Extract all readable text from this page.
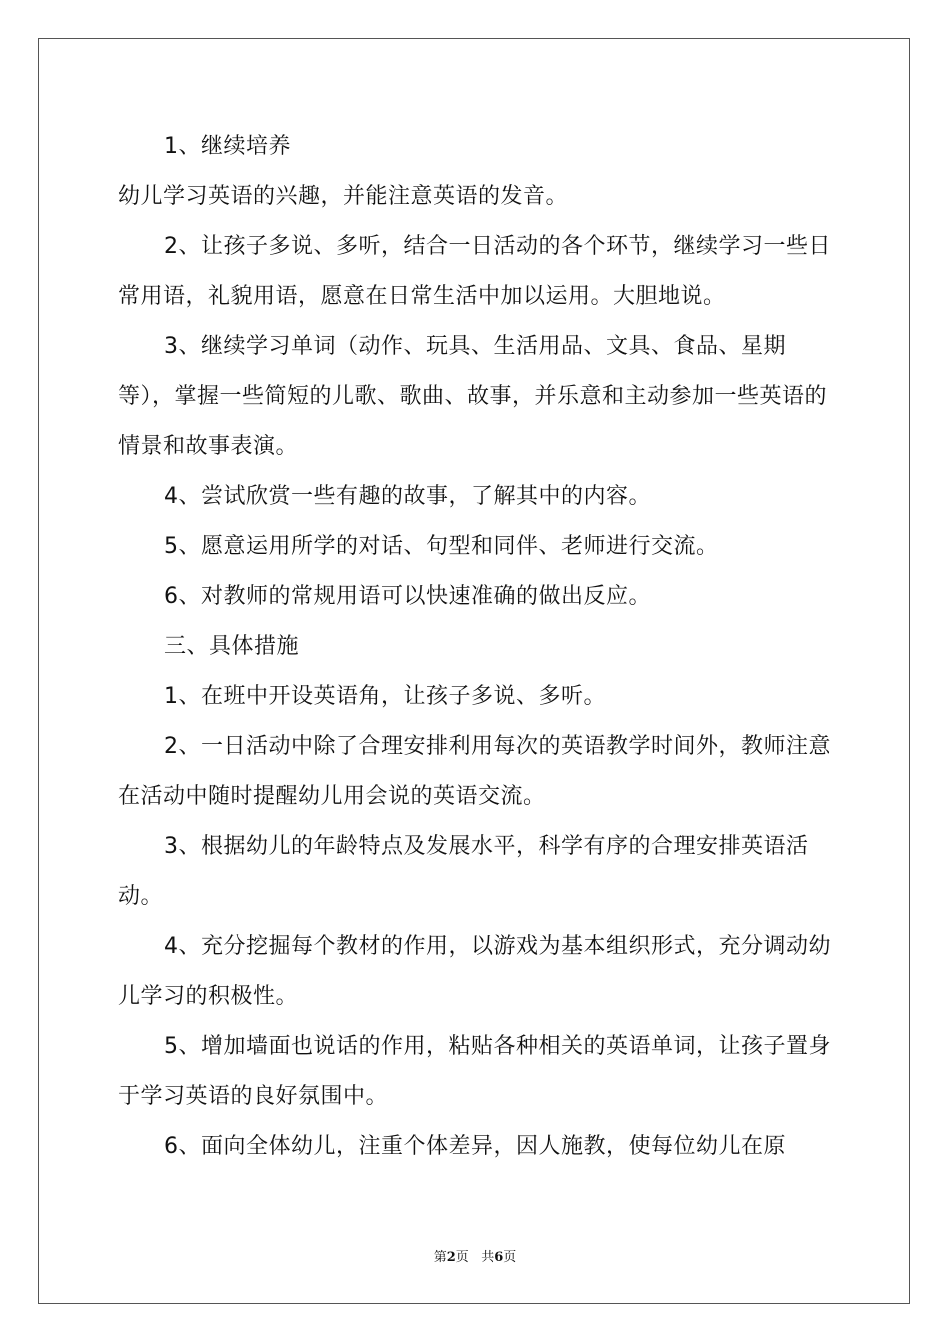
1、继续培养

幼儿学习英语的兴趣，并能注意英语的发音。

2、让孩子多说、多听，结合一日活动的各个环节，继续学习一些日常用语，礼貌用语，愿意在日常生活中加以运用。大胆地说。

3、继续学习单词（动作、玩具、生活用品、文具、食品、星期等），掌握一些简短的儿歌、歌曲、故事，并乐意和主动参加一些英语的情景和故事表演。

4、尝试欣赏一些有趣的故事，了解其中的内容。

5、愿意运用所学的对话、句型和同伴、老师进行交流。

6、对教师的常规用语可以快速准确的做出反应。

三、具体措施

1、在班中开设英语角，让孩子多说、多听。

2、一日活动中除了合理安排利用每次的英语教学时间外，教师注意在活动中随时提醒幼儿用会说的英语交流。

3、根据幼儿的年龄特点及发展水平，科学有序的合理安排英语活动。

4、充分挖掘每个教材的作用，以游戏为基本组织形式，充分调动幼儿学习的积极性。

5、增加墙面也说话的作用，粘贴各种相关的英语单词，让孩子置身于学习英语的良好氛围中。

6、面向全体幼儿，注重个体差异，因人施教，使每位幼儿在原

第2页 共6页
